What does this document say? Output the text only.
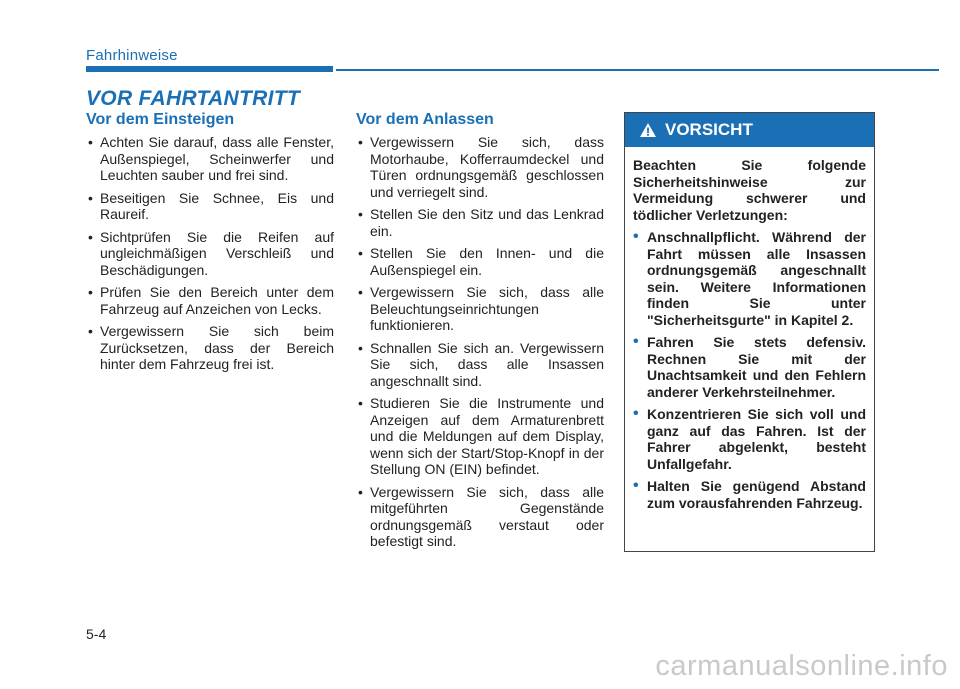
Fahrhinweise
VOR FAHRTANTRITT
Vor dem Einsteigen
• Achten Sie darauf, dass alle Fenster, Außenspiegel, Scheinwerfer und Leuchten sauber und frei sind.
• Beseitigen Sie Schnee, Eis und Raureif.
• Sichtprüfen Sie die Reifen auf ungleichmäßigen Verschleiß und Beschädigungen.
• Prüfen Sie den Bereich unter dem Fahrzeug auf Anzeichen von Lecks.
• Vergewissern Sie sich beim Zurücksetzen, dass der Bereich hinter dem Fahrzeug frei ist.
Vor dem Anlassen
• Vergewissern Sie sich, dass Motorhaube, Kofferraumdeckel und Türen ordnungsgemäß geschlossen und verriegelt sind.
• Stellen Sie den Sitz und das Lenkrad ein.
• Stellen Sie den Innen- und die Außenspiegel ein.
• Vergewissern Sie sich, dass alle Beleuchtungseinrichtungen funktionieren.
• Schnallen Sie sich an. Vergewissern Sie sich, dass alle Insassen angeschnallt sind.
• Studieren Sie die Instrumente und Anzeigen auf dem Armaturenbrett und die Meldungen auf dem Display, wenn sich der Start/Stop-Knopf in der Stellung ON (EIN) befindet.
• Vergewissern Sie sich, dass alle mitgeführten Gegenstände ordnungsgemäß verstaut oder befestigt sind.
VORSICHT

Beachten Sie folgende Sicherheitshinweise zur Vermeidung schwerer und tödlicher Verletzungen:

• Anschnallpflicht. Während der Fahrt müssen alle Insassen ordnungsgemäß angeschnallt sein. Weitere Informationen finden Sie unter "Sicherheitsgurte" in Kapitel 2.
• Fahren Sie stets defensiv. Rechnen Sie mit der Unachtsamkeit und den Fehlern anderer Verkehrsteilnehmer.
• Konzentrieren Sie sich voll und ganz auf das Fahren. Ist der Fahrer abgelenkt, besteht Unfallgefahr.
• Halten Sie genügend Abstand zum vorausfahrenden Fahrzeug.
5-4
carmanualsonline.info
